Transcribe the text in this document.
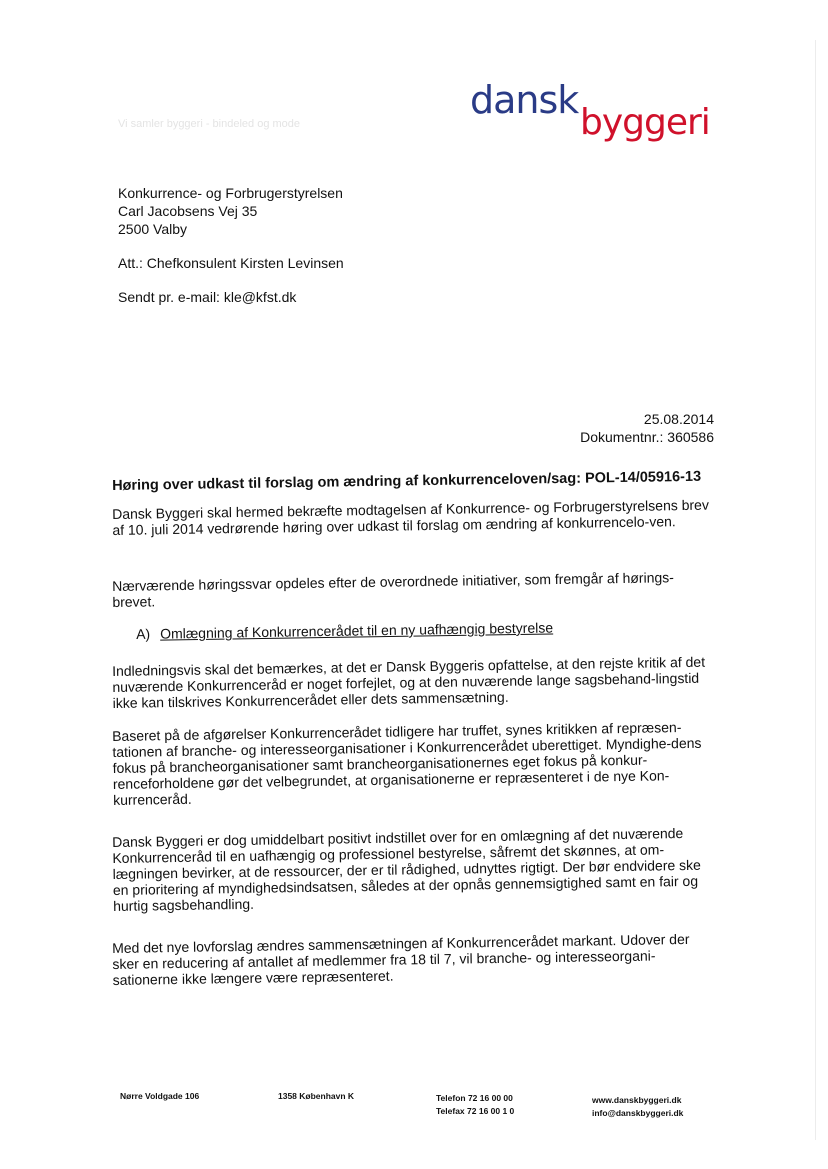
dansk
byggeri
Vi samler byggeri - bindeled og mode
Konkurrence- og Forbrugerstyrelsen
Carl Jacobsens Vej 35
2500 Valby
Att.: Chefkonsulent Kirsten Levinsen
Sendt pr. e-mail: kle@kfst.dk
25.08.2014
Dokumentnr.: 360586
Høring over udkast til forslag om ændring af konkurrenceloven/sag: POL-14/05916-13
Dansk Byggeri skal hermed bekræfte modtagelsen af Konkurrence- og Forbrugerstyrelsens brev af 10. juli 2014 vedrørende høring over udkast til forslag om ændring af konkurrencelo-ven.
Nærværende høringssvar opdeles efter de overordnede initiativer, som fremgår af hørings-brevet.
A) Omlægning af Konkurrencerådet til en ny uafhængig bestyrelse
Indledningsvis skal det bemærkes, at det er Dansk Byggeris opfattelse, at den rejste kritik af det nuværende Konkurrenceråd er noget forfejlet, og at den nuværende lange sagsbehand-lingstid ikke kan tilskrives Konkurrencerådet eller dets sammensætning.
Baseret på de afgørelser Konkurrencerådet tidligere har truffet, synes kritikken af repræsen-tationen af branche- og interesseorganisationer i Konkurrencerådet uberettiget. Myndighe-dens fokus på brancheorganisationer samt brancheorganisationernes eget fokus på konkur-renceforholdene gør det velbegrundet, at organisationerne er repræsenteret i de nye Kon-kurrenceråd.
Dansk Byggeri er dog umiddelbart positivt indstillet over for en omlægning af det nuværende Konkurrenceråd til en uafhængig og professionel bestyrelse, såfremt det skønnes, at om-lægningen bevirker, at de ressourcer, der er til rådighed, udnyttes rigtigt. Der bør endvidere ske en prioritering af myndighedsindsatsen, således at der opnås gennemsigtighed samt en fair og hurtig sagsbehandling.
Med det nye lovforslag ændres sammensætningen af Konkurrencerådet markant. Udover der sker en reducering af antallet af medlemmer fra 18 til 7, vil branche- og interesseorgani-sationerne ikke længere være repræsenteret.
Nørre Voldgade 106	1358 København K	Telefon 72 16 00 00
Telefax 72 16 00 1 0
www.danskbyggeri.dk
info@danskbyggeri.dk
